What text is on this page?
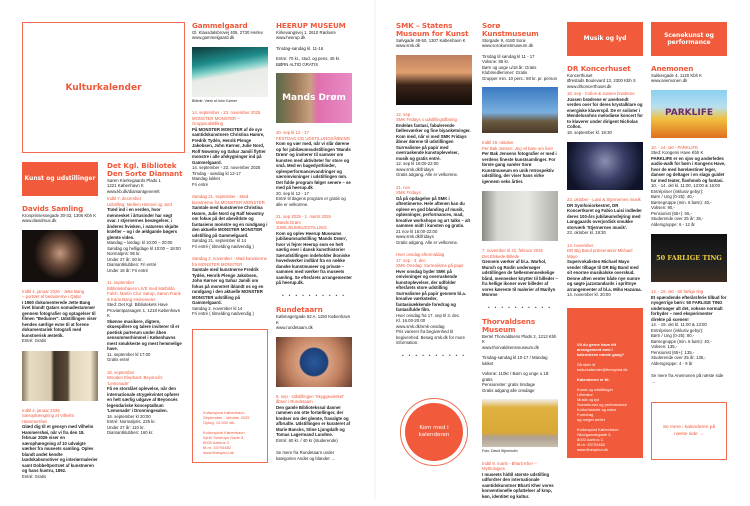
Kulturkalender
Kunst og udstillinger
Davids Samling
Kronprinsessegade 30-32, 1306 Kbh K
www.davidmus.dk
Indtil 4. januar 2026 - Jette Bang
– portræt af beduinerne i Qatar
I 1960 dokumenterede Jette Bang livet blandt Qatars nomadestammer gennem fotografier og optagelser til filmen "Beduiner". Udstillingen viser hendes særlige evne til at forene dokumentarisk fotografi med kunstnerisk æstetik.
Entré: Gratis
Indtil 4. januar 2026
Særophængning af Vilhelm Hammershøi
Glæd dig til et gensyn med Vilhelm Hammershøi, når vi fra den 18. februar 2026 viser en særophængning af 10 udvalgte værker fra museets samling. Oplev blandt andet kendte landskabsmotiver og interiørmalerier samt Dobbeltportræt af kunstneren og hans hustru, 1892.
Entré: Gratis
Det Kgl. Bibliotek Den Sorte Diamant
Søren Kierkegaards Plads 1
1221 København K
www.kb.dk/diamantgenerelt
Indtil 7. december
Udstilling: Mellem Himmel og Jord
Træd ind i en verden, hvor mennesket i årtusinder har søgt svar. I stjernernes bevægelser, i ånderes hvisken, i naturens skjulte kræfter – og i de ældgamle bøgers glemte viden.
Mandag – lørdag: kl 10:00 – 20:00
Søndag og helligdage kl 10:00 – 18:00
Normalpris: 95 kr.
Under 27 år: 60 kr.
Diamantklubben: Fri entré
Under 18 år: Fri entré
11. september
Bibliotekshaven LIVE med Mathilda Falch, Martin Cluz Sørup, Søren Frank & Karin Bang Heinemeier
Sted: Det Kgl. Bibliotekets Have
Proviantpassagen 1, 1218 København K
Skønne musikere, digtere, skuespillere og talere inviterer til et poetisk parterum under åben sensommerhimmel i Københavns mest smukkeste og mest hemmelige have.
11. september kl 17:00
Gratis entré
16. september
Wooden Elephant: Beyoncés 'Lemonade'
Få en storslået oplevelse, når den internationale strygekvintet opfører en helt særlig udgave af Beyoncés legendariske konceptalbum 'Lemonade' i Dronningesalen.
16. september kl 20:00
Entré: Normalpris: 225 kr.
Under 27 år: 110 kr.
Diamantklubben: 160 kr.
Gammelgaard
Gl. Klausdalsbrovej 406, 2730 Herlev
www.gammelgaard.dk
Billede: Værk af John Kørner
14. september - 23. november 2025
MONSTER MONSTER – Gruppeudstilling
På MONSTER MONSTER af de syv samtidskunstnere Christina Hamre, Fredrik Tydén, Henrik Plenge Jakobsen, John Kørner, Julie Nord, Rolf Nowotny og Sahar Jamili flytter monstre i alle afskygninger ind på Gammelgaard.
14. september - 23. november 2025
Tirsdag - søndag kl 12-17
Mandag lukket
Fri entré
Søndag 21. september - Mød kunstnerne fra MONSTER MONSTER
Samtale med kunstnerne Christina Hamre, Julie Nord og Ralf Nowotny om fokus på det abevildste og fantasiens monstre og en rundgang i den aktuelle MONSTER MONSTER udstilling på Gammelgaard.
Søndag 21. september kl 14
Fri entré ( tilmelding nødvendig )
Søndag 2. november - Mød kunstnerne fra MONSTER MONSTER
Samtale med kunstnerne Fredrik Tydén, Henrik Plenge Jakobsen, John Kørner og Sahar Jamili om fokus på monstret iblandt os og en rundgang i den aktuelle MONSTER MONSTER udstilling på Gammelgaard.
Søndag 2. november kl 14
Fri entré ( tilmelding nødvendig )
Kulturspind København
September - oktober 2025
Oplag: 10.000 stk.
Kulturspind København
Kjeld Tolstrups Gade 3,
8000 Aarhus C
tlf-nr: 33793482
www.finespind.dk
HEERUP MUSEUM
Kirkevangsvej 1, 2610 Rødovre
www.heerup.dk
Tirsdag-søndag kl. 11-16
Entre: 70 kr., stud. og pens. 45 kr.
BØRN ALTID GRATIS
Mands Drøm
20. sep kl 12 - 17
FESTDAG OG UDSTILLINGSÅBNING
Kom og vær med, når vi slår dørene op for jubilæumsudstillingen 'Mands Drøm' og inviterer til samvær om kunsten med aktiviteter for store og små. Med en bagedysthinder, oplevperformancevandringer og særomvisninger i udstillingen mm. Det fulde program følger senere – se med på heerup.dk
20. sep kl 12 - 17
Entré til dagens program er gratis og alle er velkomne.
21. sep 2025 - 1. marts 2026
Mands Drøm
JUBILÆUMSUDSTILLING
Kom og oplev Heerup Museums jubilæumsudstilling 'Mands Drøm', hvor vi fejrer Heerup som en helt særlig ener i dansk kunsthistorie! Særudstillingen indeholder ikoniske hovedværker indlånt fra en række danske kunstmuseer og private – sammen med værker fra museets samling. Se efterårets arrangementer på heerup.dk.
• • • • • • • • • •
Rundetaarn
Købmagergade 52 A, 1150 København K
www.rundetaarn.dk
5. sep - Udstillingen 'Skyggeværket' åbner i Rundetaarn
Den gamle Bibliotekssal danner rammen om otte fortællinger, der kredser om det glemte, fravalgte og afbrudte. Udstillingen er kurateret af Marie Bancks, Stine Ljungdalh og Tomas Lagermand Lundme.
Entré: 60 kr. / 40 kr (studerende)
Se mere fra Rundetaarn under kategorien Andet og blandet →
SMK – Statens Museum for Kunst
Sølvgade 48-50, 1307 København K
www.smk.dk
12. sep
SMK Fridays x udstillingsåbning
Endeløs fantasi, fabulerende fællesværker og fine biyanketninger. Kom med, når vi med SMK Fridays åbner dørene til udstillingen Surrealisme på papir med overraskende kunstoplevelser, musik og gratis entré.
12. sep kl 16:00-22:00
www.smk.dk/fridays
Gratis adgang. Alle er velkomne.
21. nov
SMK Fridays
Gå på opdagelse på SMK i aftentimerne. Hele aftenen kan du opleve en god blanding af musik, opløsninger, performances, mad, kreative workshops og art talks – alt sammen midt i kunsten og gratis.
21 nov kl 16:00-22:00
www.smk.dk/fridays
Gratis adgang. Alle er velkomne.
Hver onsdag eftermiddag
17. sep - 3. dec
SMK Onsdag: Surrealisme på papir
Hver onsdag byder SMK på omvisninger og overraskende kunstoplevelser, der udfolder efterårets store udstilling Surrealisme på papir gennem bl.a. kreative værksteder, fantasivækkende foredrag og fantasifulde film.
Hver onsdag fra 17. sep til 3. dec.
Kl. 16.00-20.00
www.smk.dk/smk-onsdag
Pris varierer fra begivenhed til begivenhed. Besøg smk.dk for more information.
• • • • • • • • • •
Kom med i kalenderen
Sorø Kunstmuseum
Storgade 9, 4180 Sorø
www.sorokunstmuseum.dk
Tirsdag til søndag kl 11 - 17
Voksne: 85 kr.
Børn og unge u/18 år: Gratis
Klubmedlemmer: Gratis
Grupper min. 10 pers.: 80 kr. pr. person
Indtil 19. oktober
Per Bak Jensen: Jeg vil bare om livet
Per Bak Jensens fotografier er med i verdens fineste kunstsamlinger. For første gang samler Sorø Kunstmuseum en unik retrospektiv udstilling, der viser hans virke igennem seks årtier.
7. november til 22. februar 2026
Det Elskede Billede
Gennem værker af bl.a. Warhol, Munch og Rodin undersøger udstillingen de fællesmenneskelige bånd, mennesker knytter til billeder – fra hellige ikoner over billeder af vores kæreste til malerier af Marilyn Monroe
• • • • • • • • • •
Thorvaldsens Museum
Bertel Thorvaldsens Plads 2, 1213 Kbh K
www.thorvaldsensmuseum.dk
Tirsdag-søndag kl 10-17 / Mandag lukket
Voksne: 110kr / Børn og unge u 18: gratis
Pensionister: gratis tirsdage
Gratis adgang alle onsdage
Foto: David Stjernholm
Indtil 8. marts - Bharti Kher – Mythologies
I museets hidtil største udstilling udfordrer den internationale samtidskunstner Bharti Kher vores konventionelle opfattelser af krop, køn, identitet og kultur.
Musik og lyd
DR Koncerhuset
Koncerthuset
Ørestads Boulevard 13, 2300 Kbh S
www.drkoncerthuset.dk
18. sep - Collon & Jussen brødrene
Jussen brødrene er anerkendt verden over for deres krystalklare og energiske klaverspil. De er solister i Mendelssohns melodiøse koncert for to klaverer under dirigent Nicholas Collon.
18. september kl. 19:30
23. oktober - Luisi & Stjernernes musik
DR Symfoniorkestret, DR Koncertkoret og Fabio Luisi indleder deres 100-års jubilæumsfejring med Langgaards overjordisk smukke storværk 'Stjernernes musik'.
23. oktober kl. 19:30
14. november
DR Big Band præsenterer Michael Mayo
Supervokalisten Michael Mayo vender tilbage til DR Big Band med sit enorme musikalske overskud. Denne aften venter både nye numre og søgte jazzstandards i sprittnye arrangementer af bl.a. Miho Hazama.
14. november kl. 20:00
Vil du gerne have dit arrangement med i kalenderen næste gang?
Så skriv til
kulturkalender@finespind.dk
Kalenderen er til:
Kunst og udstillinger
Litteratur
Musik og lyd
Scenekunst og performance
Kulturhistorie og natur
Foredrag
og meget andet
Kulturspind København
Skovgaardsgade 3,
8000 Aarhus C
tlf-nr: 33793482
www.finespind.dk
Scenekunst og performance
Anemonen
Sukkergade 4, 1120 Kbh K
www.anemonen.dk
PARKLIFE
10. - 14. okt - PARKLIFE
Sted: Kongens Have Kbh K
PARKLIFE er en sjov og anderledes audio-walk for børn i Kongens Have, hvor de med hørelæstiner leger, danser og deltager i en slags guidet tur med teater, flashmob og fantasi.
10. - 14. okt kl. 11:00, 13:00 & 16:00
Entrépriser (inklusiv gebyr):
Børn / Ung (0-25): 40,-
Børnegruppe (min. 6 børn): 40,-
Voksen: 90,-
Pensionist (65+): 65,-
Studerende over 25 år: 35,-
Aldersgruppe: 6 - 12 år
50 FARLIGE TING
14. - 19. okt - 50 farlige ting
Et spændende efterårsferie tilbud for nysgerrige børn: 50 FARLIGE TING undersøger alt det, voksne normalt forbyder – med eksperimenter direkte på scenen!
14. - 19. okt kl. 11:00 & 13:00
Entrépriser (inklusiv gebyr):
Børn / Ung (0-25): 80,-
Børnegruppe (min. 6 børn): 40,-
Voksen: 135,-
Pensionist (65+): 135,-
Studerende over 25 år: 135,-
Aldersgruppe: 4 - 9 år
Se mere fra Anemonen på næste side →
Se mere i kalenderen på næste side →
